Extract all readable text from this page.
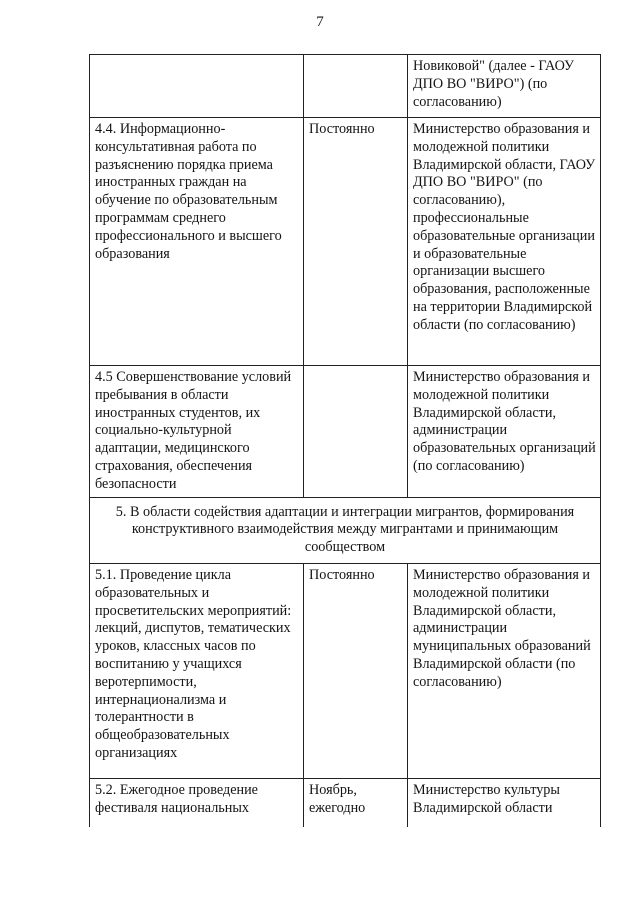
7
		Новиковой" (далее - ГАОУ ДПО ВО "ВИРО") (по согласованию)
4.4. Информационно-консультативная работа по разъяснению порядка приема иностранных граждан на обучение по образовательным программам среднего профессионального и высшего образования	Постоянно	Министерство образования и молодежной политики Владимирской области, ГАОУ ДПО ВО "ВИРО" (по согласованию), профессиональные образовательные организации и образовательные организации высшего образования, расположенные на территории Владимирской области (по согласованию)
4.5 Совершенствование условий пребывания в области иностранных студентов, их социально-культурной адаптации, медицинского страхования, обеспечения безопасности		Министерство образования и молодежной политики Владимирской области, администрации образовательных организаций (по согласованию)
5. В области содействия адаптации и интеграции мигрантов, формирования конструктивного взаимодействия между мигрантами и принимающим сообществом		
5.1. Проведение цикла образовательных и просветительских мероприятий: лекций, диспутов, тематических уроков, классных часов по воспитанию у учащихся веротерпимости, интернационализма и толерантности в общеобразовательных организациях	Постоянно	Министерство образования и молодежной политики Владимирской области, администрации муниципальных образований Владимирской области (по согласованию)
5.2. Ежегодное проведение фестиваля национальных	Ноябрь, ежегодно	Министерство культуры Владимирской области
